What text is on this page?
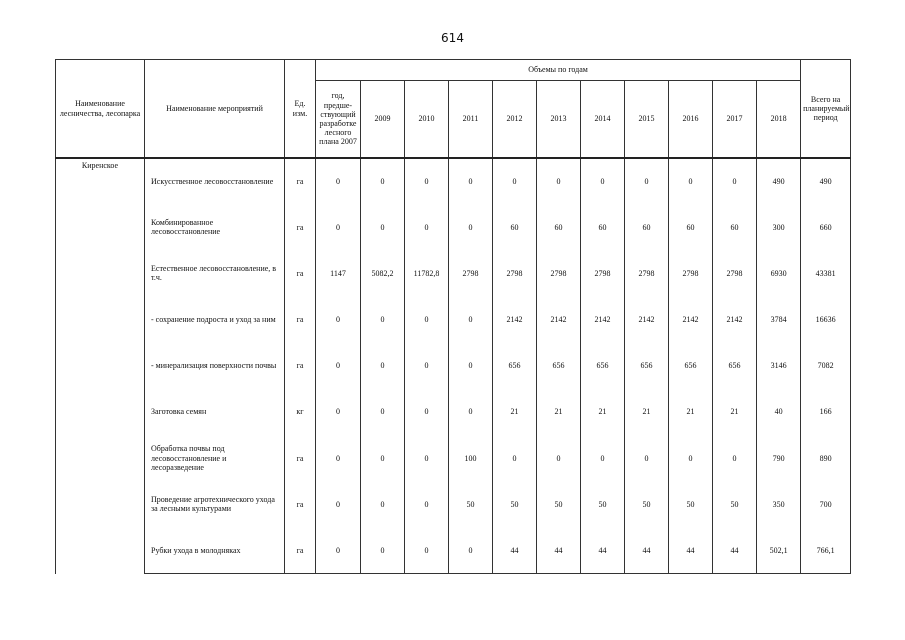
614
Наименование лесничества, лесопарка	Наименование мероприятий	Ед. изм.	Объемы по годам											Всего на планируемый период
			год, предше-ствующий разработке лесного плана 2007	2009	2010	2011	2012	2013	2014	2015	2016	2017	2018	
Киренское	Искусственное лесовосстановление	га	0	0	0	0	0	0	0	0	0	0	490	490
	Комбинированное лесовосстановление	га	0	0	0	0	60	60	60	60	60	60	300	660
	Естественное лесовосстановление, в т.ч.	га	1147	5082,2	11782,8	2798	2798	2798	2798	2798	2798	2798	6930	43381
	- сохранение подроста и уход за ним	га	0	0	0	0	2142	2142	2142	2142	2142	2142	3784	16636
	- минерализация поверхности почвы	га	0	0	0	0	656	656	656	656	656	656	3146	7082
	Заготовка семян	кг	0	0	0	0	21	21	21	21	21	21	40	166
	Обработка почвы под лесовосстановление и лесоразведение	га	0	0	0	100	0	0	0	0	0	0	790	890
	Проведение агротехнического ухода за лесными культурами	га	0	0	0	50	50	50	50	50	50	50	350	700
	Рубки ухода в молодняках	га	0	0	0	0	44	44	44	44	44	44	502,1	766,1
